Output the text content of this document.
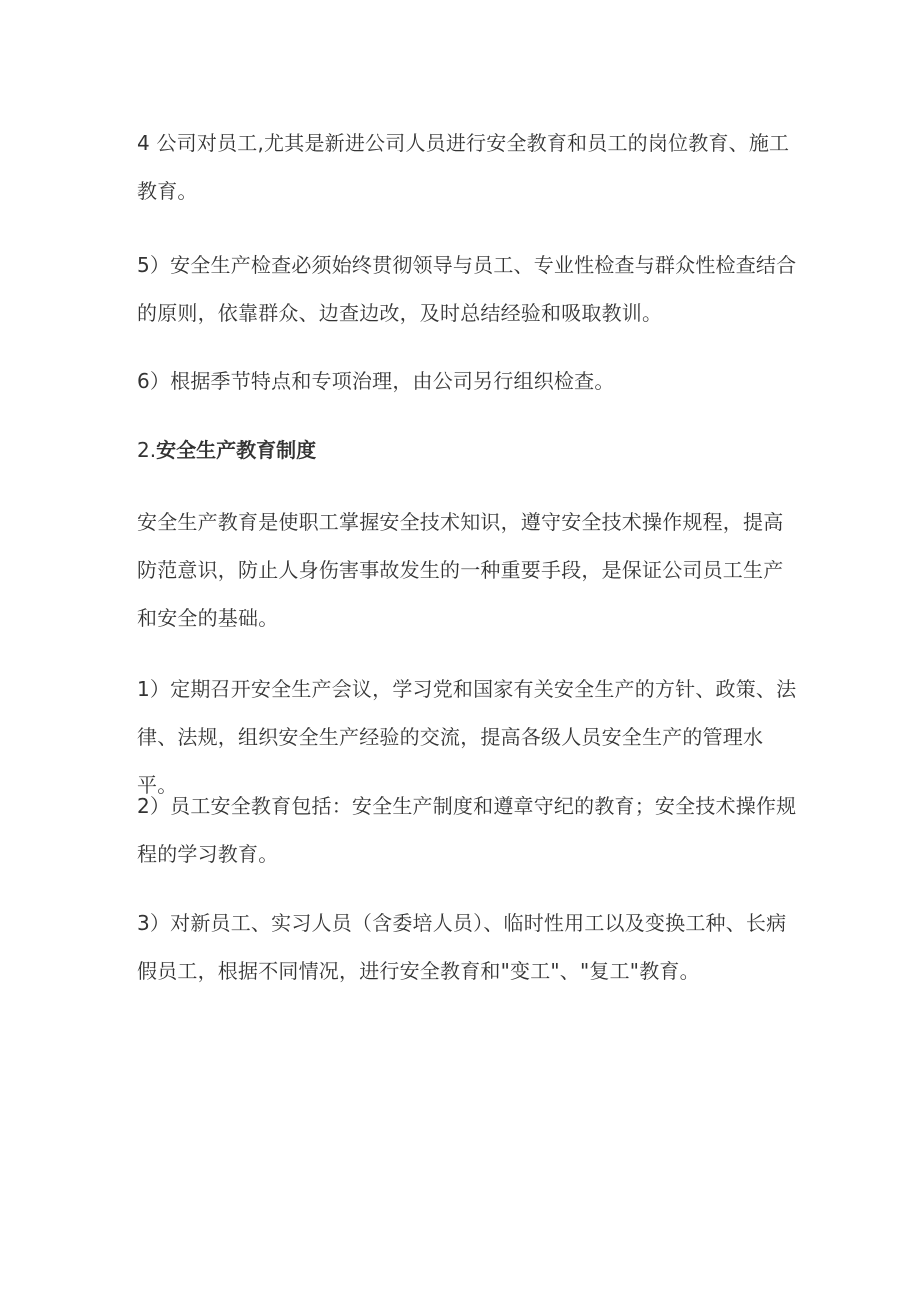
4 公司对员工,尤其是新进公司人员进行安全教育和员工的岗位教育、施工教育。

5）安全生产检查必须始终贯彻领导与员工、专业性检查与群众性检查结合的原则，依靠群众、边查边改，及时总结经验和吸取教训。

6）根据季节特点和专项治理，由公司另行组织检查。

2.安全生产教育制度

安全生产教育是使职工掌握安全技术知识，遵守安全技术操作规程，提高防范意识，防止人身伤害事故发生的一种重要手段，是保证公司员工生产和安全的基础。

1）定期召开安全生产会议，学习党和国家有关安全生产的方针、政策、法律、法规，组织安全生产经验的交流，提高各级人员安全生产的管理水平。

2）员工安全教育包括：安全生产制度和遵章守纪的教育；安全技术操作规程的学习教育。

3）对新员工、实习人员（含委培人员）、临时性用工以及变换工种、长病假员工，根据不同情况，进行安全教育和"变工"、"复工"教育。
